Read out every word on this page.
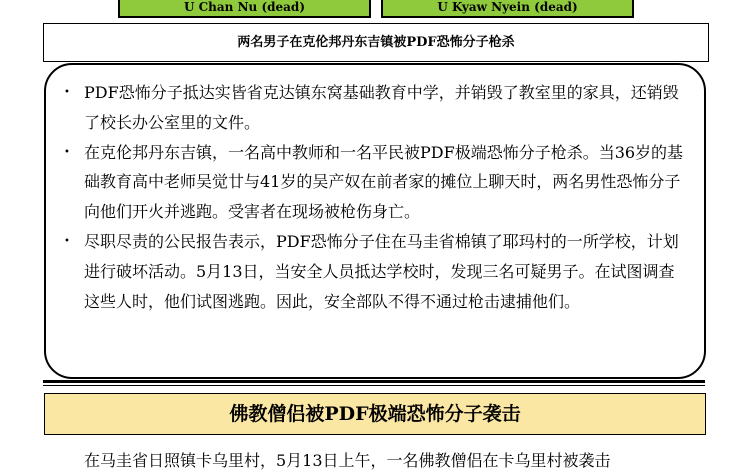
U Chan Nu (dead)	U Kyaw Nyein (dead)
两名男子在克伦邦丹东吉镇被PDF恐怖分子枪杀
• PDF恐怖分子抵达实皆省克达镇东窝基础教育中学，并销毁了教室里的家具，还销毁了校长办公室里的文件。
• 在克伦邦丹东吉镇，一名高中教师和一名平民被PDF极端恐怖分子枪杀。当36岁的基础教育高中老师吴觉廿与41岁的吴产奴在前者家的摊位上聊天时，两名男性恐怖分子向他们开火并逃跑。受害者在现场被枪伤身亡。
• 尽职尽责的公民报告表示，PDF恐怖分子住在马圭省棉镇了耶玛村的一所学校，计划进行破坏活动。5月13日，当安全人员抵达学校时，发现三名可疑男子。在试图调查这些人时，他们试图逃跑。因此，安全部队不得不通过枪击逮捕他们。
佛教僧侣被PDF极端恐怖分子袭击
在马圭省日照镇卡乌里村，5月13日上午，一名佛教僧侣在卡乌里村被袭击
